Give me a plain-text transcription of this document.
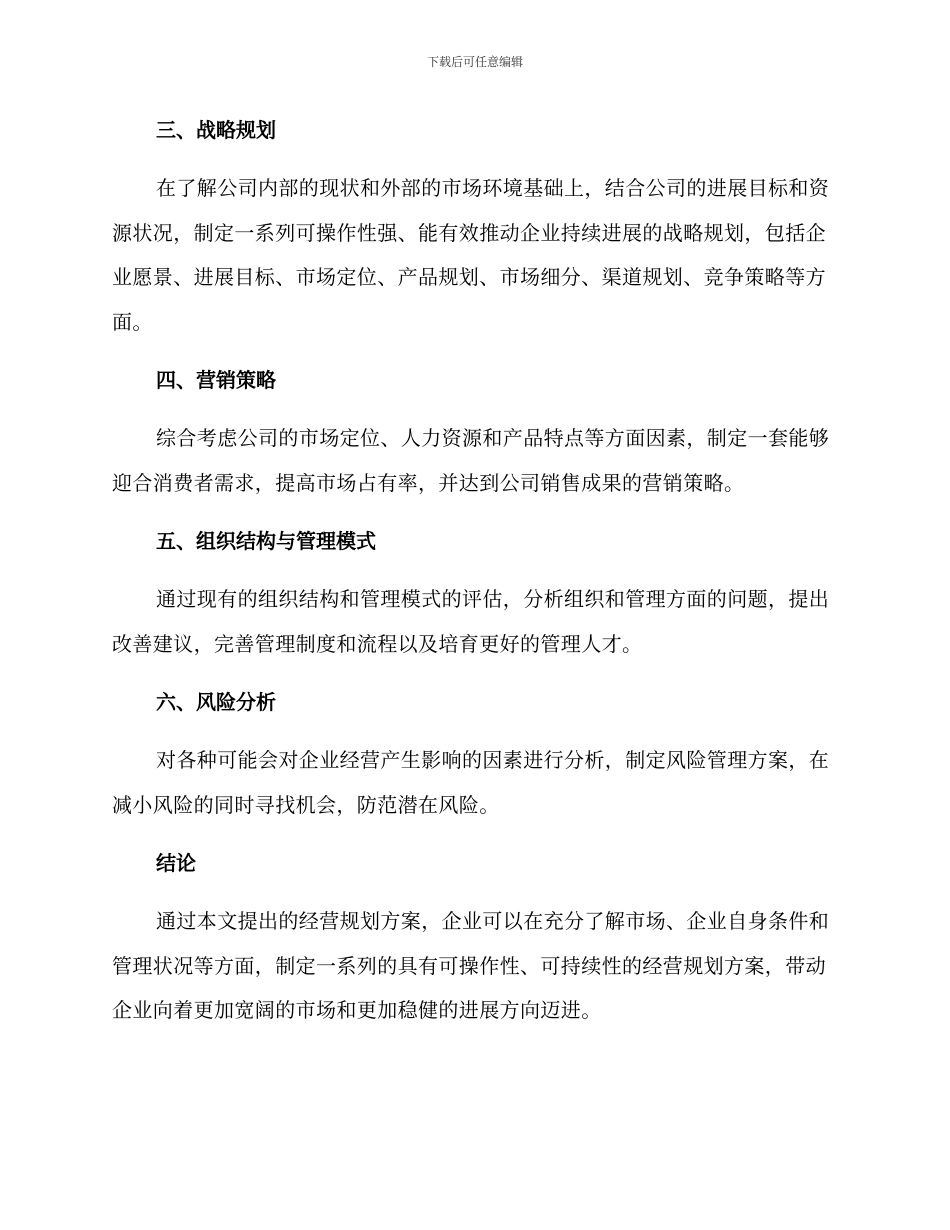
下载后可任意编辑
三、战略规划
在了解公司内部的现状和外部的市场环境基础上，结合公司的进展目标和资源状况，制定一系列可操作性强、能有效推动企业持续进展的战略规划，包括企业愿景、进展目标、市场定位、产品规划、市场细分、渠道规划、竞争策略等方面。
四、营销策略
综合考虑公司的市场定位、人力资源和产品特点等方面因素，制定一套能够迎合消费者需求，提高市场占有率，并达到公司销售成果的营销策略。
五、组织结构与管理模式
通过现有的组织结构和管理模式的评估，分析组织和管理方面的问题，提出改善建议，完善管理制度和流程以及培育更好的管理人才。
六、风险分析
对各种可能会对企业经营产生影响的因素进行分析，制定风险管理方案，在减小风险的同时寻找机会，防范潜在风险。
结论
通过本文提出的经营规划方案，企业可以在充分了解市场、企业自身条件和管理状况等方面，制定一系列的具有可操作性、可持续性的经营规划方案，带动企业向着更加宽阔的市场和更加稳健的进展方向迈进。
